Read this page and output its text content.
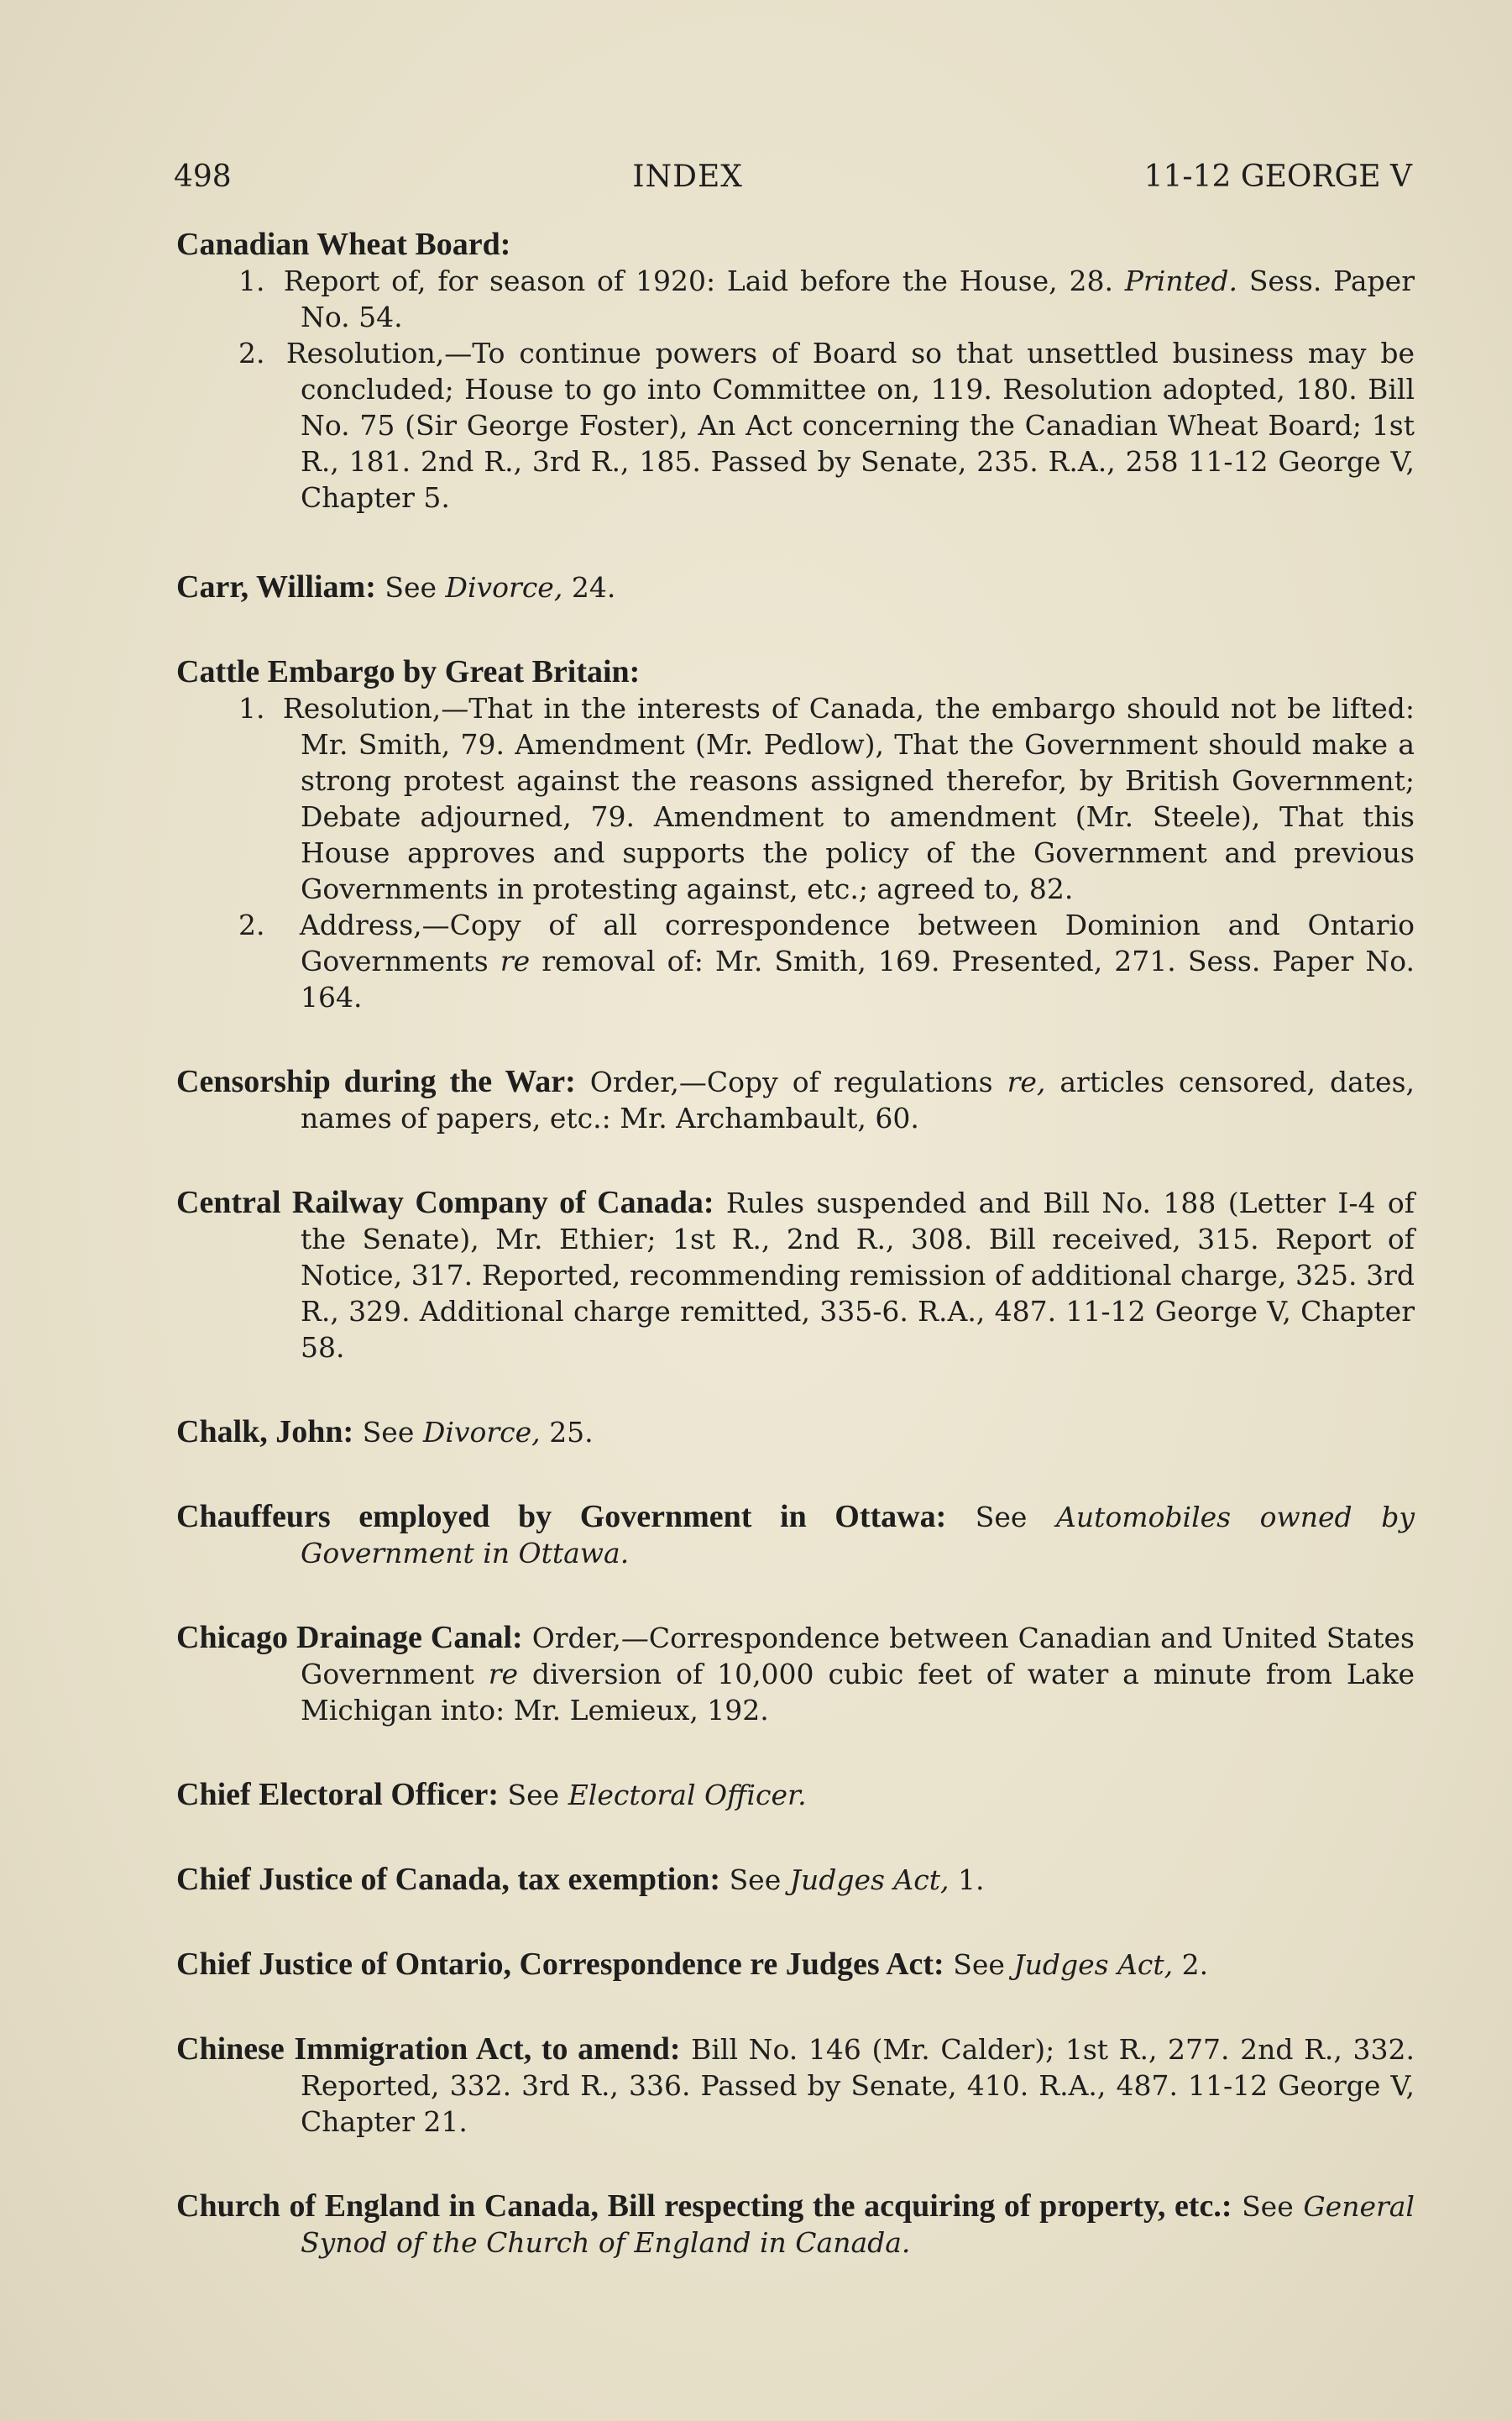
498	INDEX	11-12 GEORGE V

Canadian Wheat Board:

1. Report of, for season of 1920: Laid before the House, 28. Printed. Sess. Paper No. 54.

2. Resolution,—To continue powers of Board so that unsettled business may be concluded; House to go into Committee on, 119. Resolution adopted, 180. Bill No. 75 (Sir George Foster), An Act concerning the Canadian Wheat Board; 1st R., 181. 2nd R., 3rd R., 185. Passed by Senate, 235. R.A., 258 11-12 George V, Chapter 5.

Carr, William: See Divorce, 24.

Cattle Embargo by Great Britain:

1. Resolution,—That in the interests of Canada, the embargo should not be lifted: Mr. Smith, 79. Amendment (Mr. Pedlow), That the Government should make a strong protest against the reasons assigned therefor, by British Government; Debate adjourned, 79. Amendment to amendment (Mr. Steele), That this House approves and supports the policy of the Government and previous Governments in protesting against, etc.; agreed to, 82.

2. Address,—Copy of all correspondence between Dominion and Ontario Governments re removal of: Mr. Smith, 169. Presented, 271. Sess. Paper No. 164.

Censorship during the War: Order,—Copy of regulations re, articles censored, dates, names of papers, etc.: Mr. Archambault, 60.

Central Railway Company of Canada: Rules suspended and Bill No. 188 (Letter I-4 of the Senate), Mr. Ethier; 1st R., 2nd R., 308. Bill received, 315. Report of Notice, 317. Reported, recommending remission of additional charge, 325. 3rd R., 329. Additional charge remitted, 335-6. R.A., 487. 11-12 George V, Chapter 58.

Chalk, John: See Divorce, 25.

Chauffeurs employed by Government in Ottawa: See Automobiles owned by Government in Ottawa.

Chicago Drainage Canal: Order,—Correspondence between Canadian and United States Government re diversion of 10,000 cubic feet of water a minute from Lake Michigan into: Mr. Lemieux, 192.

Chief Electoral Officer: See Electoral Officer.

Chief Justice of Canada, tax exemption: See Judges Act, 1.

Chief Justice of Ontario, Correspondence re Judges Act: See Judges Act, 2.

Chinese Immigration Act, to amend: Bill No. 146 (Mr. Calder); 1st R., 277. 2nd R., 332. Reported, 332. 3rd R., 336. Passed by Senate, 410. R.A., 487. 11-12 George V, Chapter 21.

Church of England in Canada, Bill respecting the acquiring of property, etc.: See General Synod of the Church of England in Canada.
